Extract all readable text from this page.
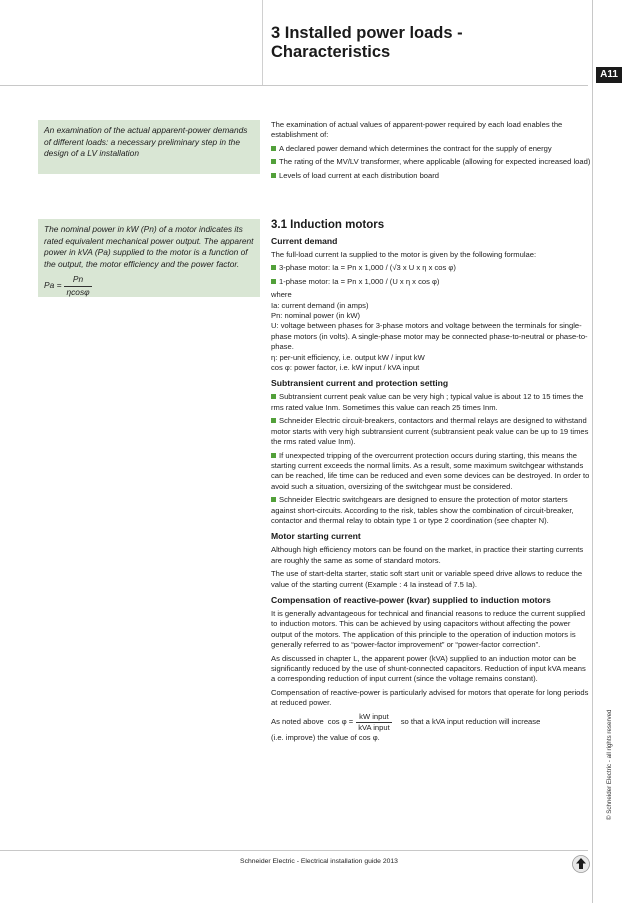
A11
3 Installed power loads -
Characteristics
An examination of the actual apparent-power demands of different loads: a necessary preliminary step in the design of a LV installation
The nominal power in kW (Pn) of a motor indicates its rated equivalent mechanical power output. The apparent power in kVA (Pa) supplied to the motor is a function of the output, the motor efficiency and the power factor.
$Pa = \frac{Pn}{\eta\cos\varphi}$

The examination of actual values of apparent-power required by each load enables the establishment of:

A declared power demand which determines the contract for the supply of energy

The rating of the MV/LV transformer, where applicable (allowing for expected increased load)

Levels of load current at each distribution board

3.1 Induction motors
Current demand

The full-load current Ia supplied to the motor is given by the following formulae:

3-phase motor: Ia = Pn x 1,000 / (√3 x U x η x cos φ)

1-phase motor: Ia = Pn x 1,000 / (U x η x cos φ)

where

Ia: current demand (in amps)

Pn: nominal power (in kW)

U: voltage between phases for 3-phase motors and voltage between the terminals for single-phase motors (in volts). A single-phase motor may be connected phase-to-neutral or phase-to-phase.

η: per-unit efficiency, i.e. output kW / input kW

cos φ: power factor, i.e. kW input / kVA input

Subtransient current and protection setting

Subtransient current peak value can be very high ; typical value is about 12 to 15 times the rms rated value Inm. Sometimes this value can reach 25 times Inm.

Schneider Electric circuit-breakers, contactors and thermal relays are designed to withstand motor starts with very high subtransient current (subtransient peak value can be up to 19 times the rms rated value Inm).

If unexpected tripping of the overcurrent protection occurs during starting, this means the starting current exceeds the normal limits. As a result, some maximum switchgear withstands can be reached, life time can be reduced and even some devices can be destroyed. In order to avoid such a situation, oversizing of the switchgear must be considered.

Schneider Electric switchgears are designed to ensure the protection of motor starters against short-circuits. According to the risk, tables show the combination of circuit-breaker, contactor and thermal relay to obtain type 1 or type 2 coordination (see chapter N).

Motor starting current

Although high efficiency motors can be found on the market, in practice their starting currents are roughly the same as some of standard motors.

The use of start-delta starter, static soft start unit or variable speed drive allows to reduce the value of the starting current (Example : 4 Ia instead of 7.5 Ia).

Compensation of reactive-power (kvar) supplied to induction motors

It is generally advantageous for technical and financial reasons to reduce the current supplied to induction motors. This can be achieved by using capacitors without affecting the power output of the motors. The application of this principle to the operation of induction motors is generally referred to as “power-factor improvement” or “power-factor correction”.

As discussed in chapter L, the apparent power (kVA) supplied to an induction motor can be significantly reduced by the use of shunt-connected capacitors. Reduction of input kVA means a corresponding reduction of input current (since the voltage remains constant).

Compensation of reactive-power is particularly advised for motors that operate for long periods at reduced power.

As noted above $\cos \varphi = \frac{\text{kW input}}{\text{kVA input}}$ so that a kVA input reduction will increase

(i.e. improve) the value of cos φ.

Schneider Electric - Electrical installation guide 2013
© Schneider Electric - all rights reserved
